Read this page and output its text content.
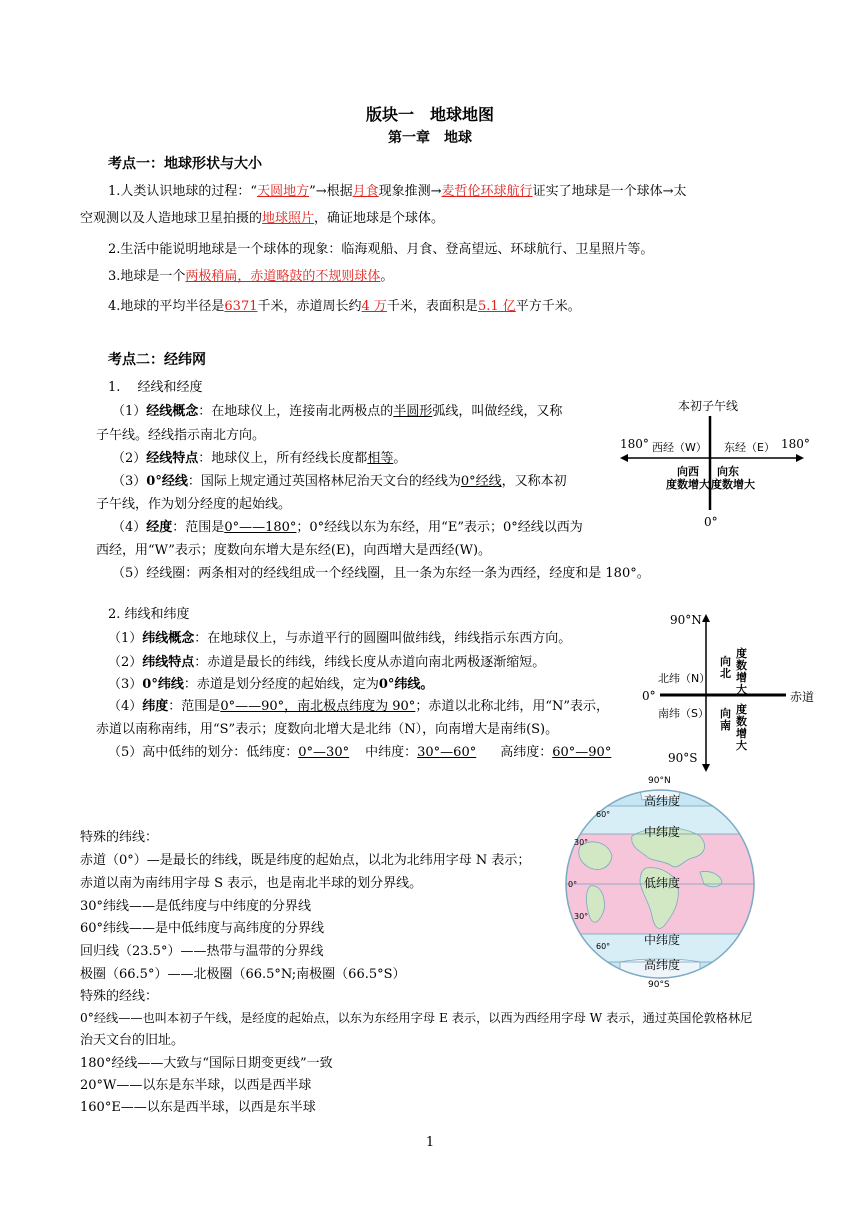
版块一　地球地图
第一章　地球
考点一：地球形状与大小
1.人类认识地球的过程：“天圆地方”→根据月食现象推测→麦哲伦环球航行证实了地球是一个球体→太
空观测以及人造地球卫星拍摄的地球照片，确证地球是个球体。
2.生活中能说明地球是一个球体的现象：临海观船、月食、登高望远、环球航行、卫星照片等。
3.地球是一个两极稍扁，赤道略鼓的不规则球体。
4.地球的平均半径是6371千米，赤道周长约4 万千米，表面积是5.1 亿平方千米。
考点二：经纬网
1.　 经线和经度
（1）经线概念：在地球仪上，连接南北两极点的半圆形弧线，叫做经线，又称
子午线。经线指示南北方向。
（2）经线特点：地球仪上，所有经线长度都相等。
（3）0°经线：国际上规定通过英国格林尼治天文台的经线为0°经线，又称本初
子午线，作为划分经度的起始线。
（4）经度：范围是0°——180°；0°经线以东为东经，用“E”表示；0°经线以西为
西经，用“W”表示；度数向东增大是东经(E)，向西增大是西经(W)。
（5）经线圈：两条相对的经线组成一个经线圈，且一条为东经一条为西经，经度和是 180°。
本初子午线
180°	180°
西经（W） 东经（E）
向西 向东
度数增大 度数增大
0°
2. 纬线和纬度
（1）纬线概念：在地球仪上，与赤道平行的圆圈叫做纬线，纬线指示东西方向。
（2）纬线特点：赤道是最长的纬线，纬线长度从赤道向南北两极逐渐缩短。
（3）0°纬线：赤道是划分经度的起始线，定为0°纬线。
（4）纬度：范围是0°——90°，南北极点纬度为 90°；赤道以北称北纬，用“N”表示，
赤道以南称南纬，用“S”表示；度数向北增大是北纬（N），向南增大是南纬(S)。
（5）高中低纬的划分：低纬度：0°—30° 中纬度：30°—60° 高纬度：60°—90°
90°N
90°S
0°	赤道
北纬（N）
南纬（S）
向北
度数增大
向南
度数增大
90°N
90°S
高纬度
中纬度
低纬度
中纬度
高纬度
60°
30°
0°
30°
60°
特殊的纬线：
赤道（0°）—是最长的纬线，既是纬度的起始点，以北为北纬用字母 N 表示；
赤道以南为南纬用字母 S 表示，也是南北半球的划分界线。
30°纬线——是低纬度与中纬度的分界线
60°纬线——是中低纬度与高纬度的分界线
回归线（23.5°）——热带与温带的分界线
极圈（66.5°）——北极圈（66.5°N;南极圈（66.5°S）
特殊的经线：
0°经线——也叫本初子午线，是经度的起始点，以东为东经用字母 E 表示，以西为西经用字母 W 表示，通过英国伦敦格林尼
治天文台的旧址。
180°经线——大致与“国际日期变更线”一致
20°W——以东是东半球，以西是西半球
160°E——以东是西半球，以西是东半球
1
